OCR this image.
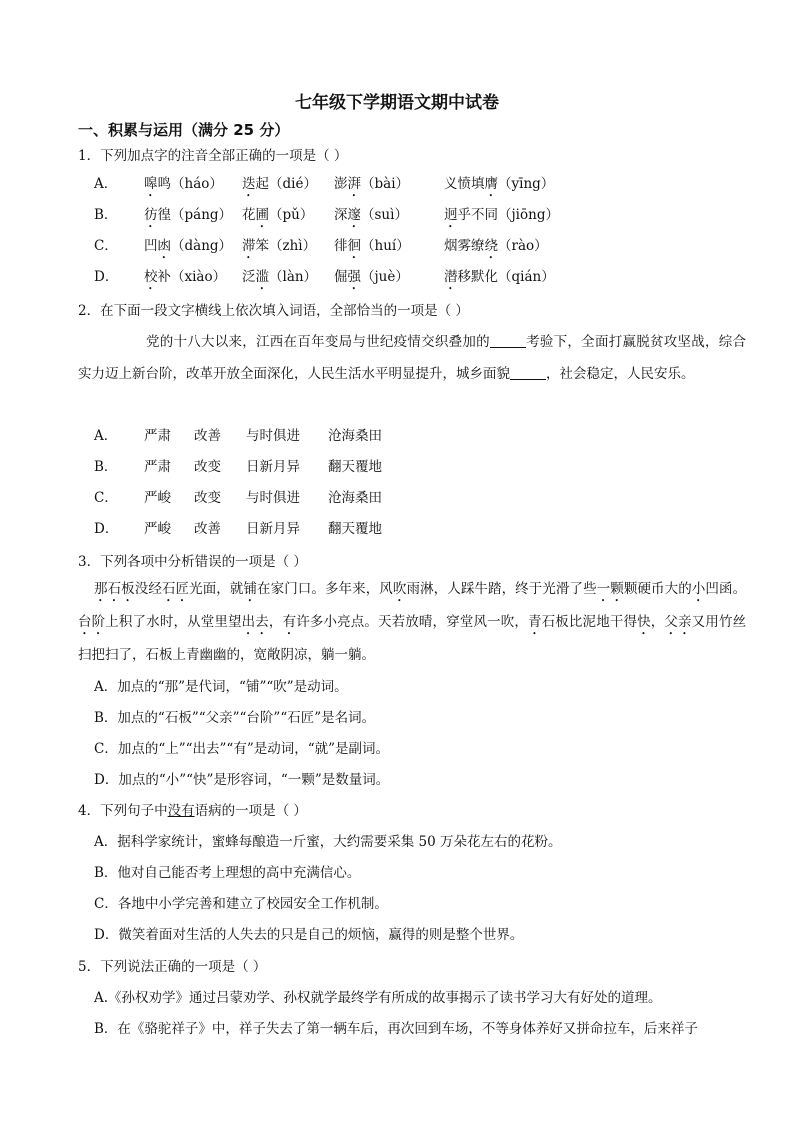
七年级下学期语文期中试卷
一、积累与运用（满分 25 分）
1．下列加点字的注音全部正确的一项是（ ）
A． 嗥鸣（háo） 迭起（dié） 澎湃（bài）	义愤填膺（yīng）
B． 彷徨（páng） 花圃（pǔ） 深邃（suì）	迥乎不同（jiōng）
C． 凹凼（dàng） 滞笨（zhì） 徘徊（huí）	烟雾缭绕（rào）
D． 校补（xiào） 泛滥（làn） 倔强（juè）	潜移默化（qián）
2．在下面一段文字横线上依次填入词语，全部恰当的一项是（ ）
党的十八大以来，江西在百年变局与世纪疫情交织叠加的	考验下，全面打赢脱贫攻坚战，综合实力迈上新台阶，改革开放全面深化，人民生活水平明显提升，城乡面貌	，社会稳定，人民安乐。
A． 严肃 改善 与时俱进 沧海桑田
B． 严肃 改变 日新月异 翻天覆地
C． 严峻 改变 与时俱进 沧海桑田
D． 严峻 改善 日新月异 翻天覆地
3．下列各项中分析错误的一项是（ ）
那石板没经石匠光面，就铺在家门口。多年来，风吹雨淋，人踩牛踏，终于光滑了些一颗颗硬币大的小凹函。台阶上积了水时，从堂里望出去，有许多小亮点。天若放晴，穿堂风一吹，青石板比泥地干得快，父亲又用竹丝扫把扫了，石板上青幽幽的，宽敞阴凉，躺一躺。
A．加点的“那”是代词，“铺”“吹”是动词。
B．加点的“石板”“父亲”“台阶”“石匠”是名词。
C．加点的“上”“出去”“有”是动词，“就”是副词。
D．加点的“小”“快”是形容词，“一颗”是数量词。
4．下列句子中没有语病的一项是（ ）
A．据科学家统计，蜜蜂每酿造一斤蜜，大约需要采集 50 万朵花左右的花粉。
B．他对自己能否考上理想的高中充满信心。
C．各地中小学完善和建立了校园安全工作机制。
D．微笑着面对生活的人失去的只是自己的烦恼，赢得的则是整个世界。
5．下列说法正确的一项是（ ）
A.《孙权劝学》通过吕蒙劝学、孙权就学最终学有所成的故事揭示了读书学习大有好处的道理。
B．在《骆驼祥子》中，祥子失去了第一辆车后，再次回到车场，不等身体养好又拼命拉车，后来祥子
